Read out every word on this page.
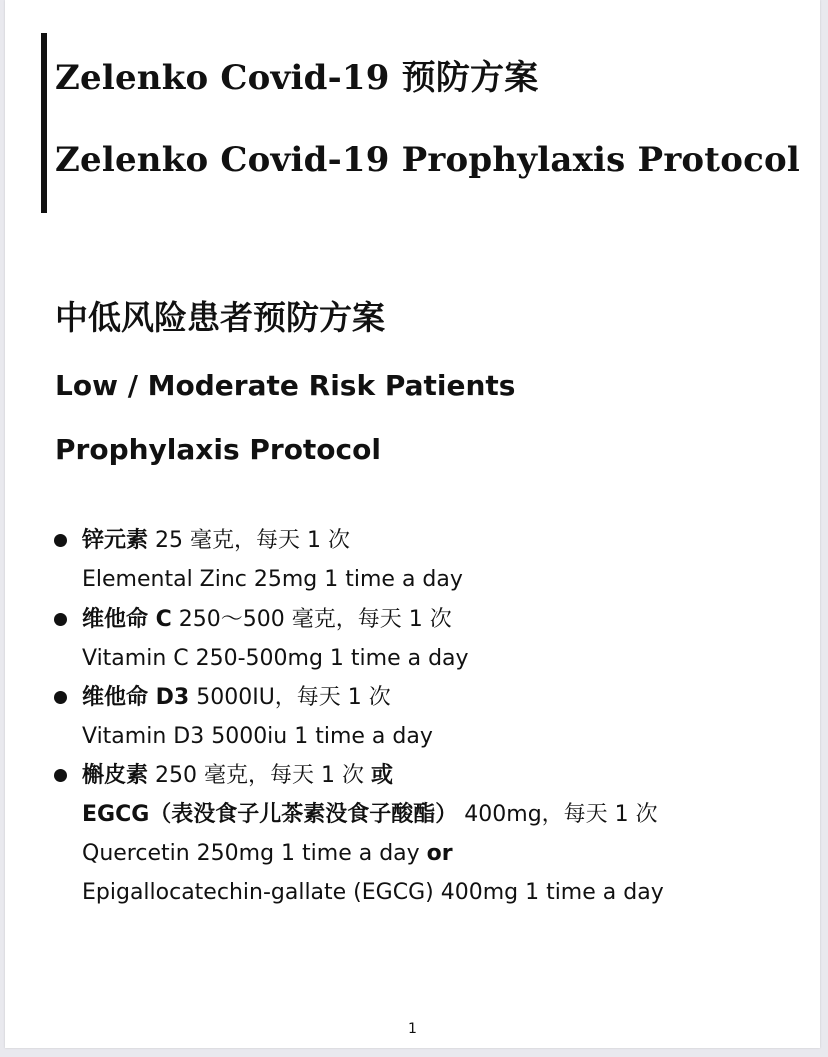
Zelenko Covid-19 预防方案
Zelenko Covid-19 Prophylaxis Protocol
中低风险患者预防方案
Low / Moderate Risk Patients
Prophylaxis Protocol

锌元素 25 毫克，每天 1 次

Elemental Zinc 25mg 1 time a day

维他命 C 250～500 毫克，每天 1 次

Vitamin C 250-500mg 1 time a day

维他命 D3 5000IU，每天 1 次

Vitamin D3 5000iu 1 time a day

槲皮素 250 毫克，每天 1 次 或

EGCG（表没食子儿茶素没食子酸酯） 400mg，每天 1 次

Quercetin 250mg 1 time a day or

Epigallocatechin-gallate (EGCG) 400mg 1 time a day

1
